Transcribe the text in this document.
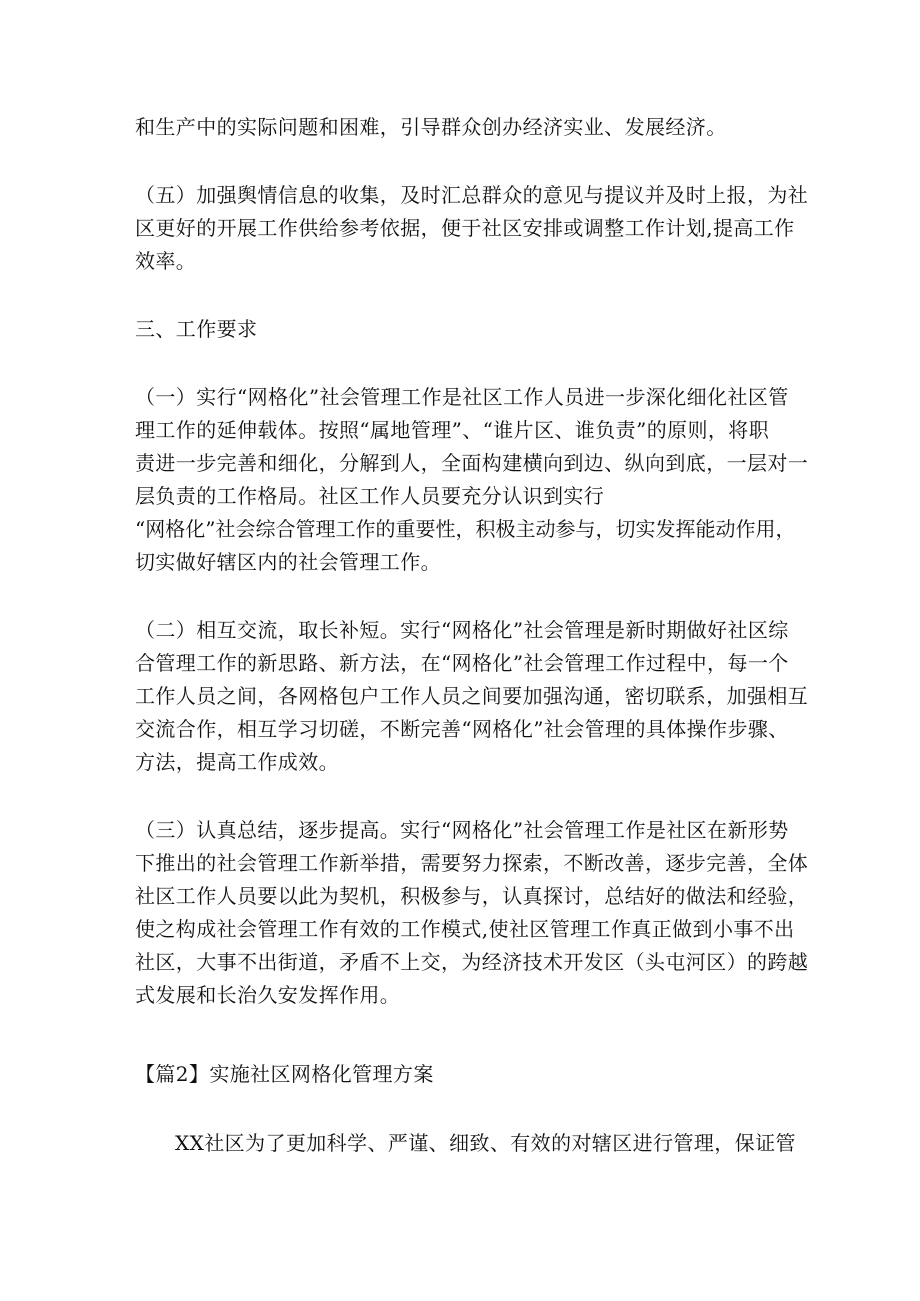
和生产中的实际问题和困难，引导群众创办经济实业、发展经济。
（五）加强舆情信息的收集，及时汇总群众的意见与提议并及时上报，为社
区更好的开展工作供给参考依据，便于社区安排或调整工作计划,提高工作
效率。
三、工作要求
（一）实行“网格化”社会管理工作是社区工作人员进一步深化细化社区管
理工作的延伸载体。按照“属地管理”、“谁片区、谁负责”的原则，将职
责进一步完善和细化，分解到人，全面构建横向到边、纵向到底，一层对一
层负责的工作格局。社区工作人员要充分认识到实行
“网格化”社会综合管理工作的重要性，积极主动参与，切实发挥能动作用，
切实做好辖区内的社会管理工作。
（二）相互交流，取长补短。实行“网格化”社会管理是新时期做好社区综
合管理工作的新思路、新方法，在“网格化”社会管理工作过程中，每一个
工作人员之间，各网格包户工作人员之间要加强沟通，密切联系，加强相互
交流合作，相互学习切磋，不断完善“网格化”社会管理的具体操作步骤、
方法，提高工作成效。
（三）认真总结，逐步提高。实行“网格化”社会管理工作是社区在新形势
下推出的社会管理工作新举措，需要努力探索，不断改善，逐步完善，全体
社区工作人员要以此为契机，积极参与，认真探讨，总结好的做法和经验，
使之构成社会管理工作有效的工作模式,使社区管理工作真正做到小事不出
社区，大事不出街道，矛盾不上交，为经济技术开发区（头屯河区）的跨越
式发展和长治久安发挥作用。
【篇2】实施社区网格化管理方案
XX社区为了更加科学、严谨、细致、有效的对辖区进行管理，保证管
